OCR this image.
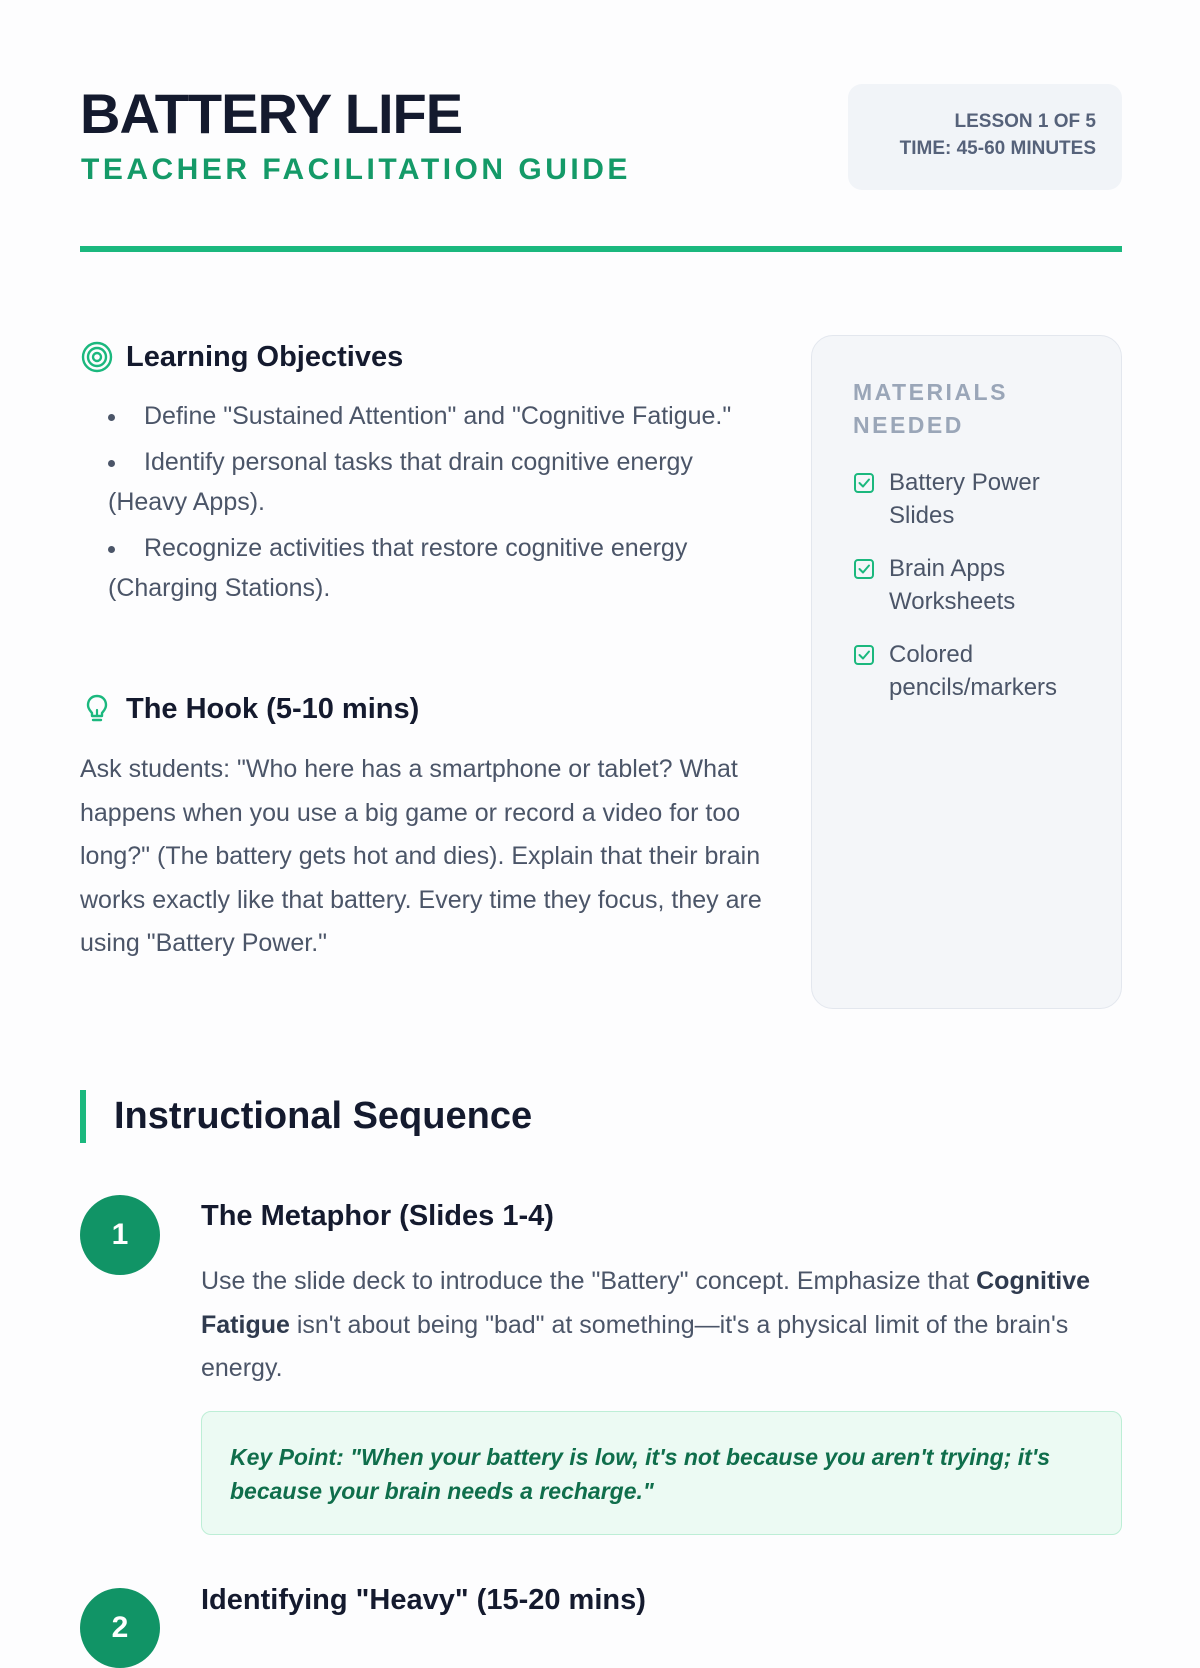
BATTERY LIFE
TEACHER FACILITATION GUIDE
LESSON 1 OF 5
TIME: 45-60 MINUTES
Learning Objectives
Define "Sustained Attention" and "Cognitive Fatigue."
Identify personal tasks that drain cognitive energy (Heavy Apps).
Recognize activities that restore cognitive energy (Charging Stations).
The Hook (5-10 mins)

Ask students: "Who here has a smartphone or tablet? What happens when you use a big game or record a video for too long?" (The battery gets hot and dies). Explain that their brain works exactly like that battery. Every time they focus, they are using "Battery Power."

MATERIALS NEEDED
Battery Power Slides
Brain Apps Worksheets
Colored pencils/markers
Instructional Sequence
1
The Metaphor (Slides 1-4)

Use the slide deck to introduce the "Battery" concept. Emphasize that Cognitive Fatigue isn't about being "bad" at something—it's a physical limit of the brain's energy.

Key Point: "When your battery is low, it's not because you aren't trying; it's because your brain needs a recharge."
2
Identifying "Heavy" (15-20 mins)
